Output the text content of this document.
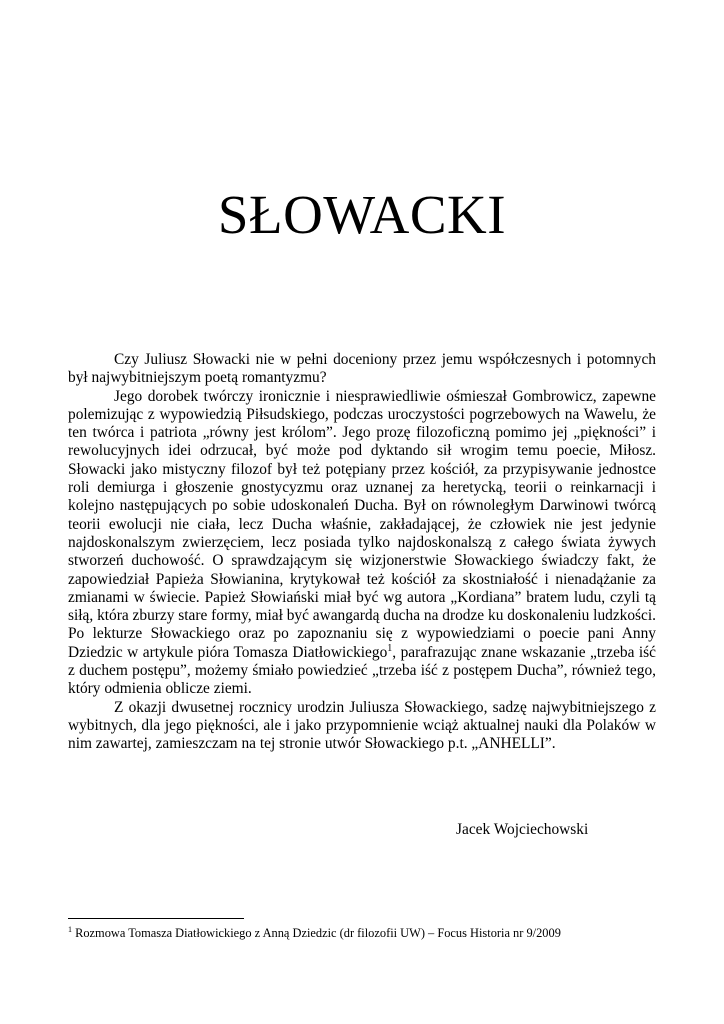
SŁOWACKI

Czy Juliusz Słowacki nie w pełni doceniony przez jemu współczesnych i potomnych był najwybitniejszym poetą romantyzmu?

Jego dorobek twórczy ironicznie i niesprawiedliwie ośmieszał Gombrowicz, zapewne polemizując z wypowiedzią Piłsudskiego, podczas uroczystości pogrzebowych na Wawelu, że ten twórca i patriota „równy jest królom”. Jego prozę filozoficzną pomimo jej „piękności” i rewolucyjnych idei odrzucał, być może pod dyktando sił wrogim temu poecie, Miłosz. Słowacki jako mistyczny filozof był też potępiany przez kościół, za przypisywanie jednostce roli demiurga i głoszenie gnostycyzmu oraz uznanej za heretycką, teorii o reinkarnacji i kolejno następujących po sobie udoskonaleń Ducha. Był on równoległym Darwinowi twórcą teorii ewolucji nie ciała, lecz Ducha właśnie, zakładającej, że człowiek nie jest jedynie najdoskonalszym zwierzęciem, lecz posiada tylko najdoskonalszą z całego świata żywych stworzeń duchowość. O sprawdzającym się wizjonerstwie Słowackiego świadczy fakt, że zapowiedział Papieża Słowianina, krytykował też kościół za skostniałość i nienadążanie za zmianami w świecie. Papież Słowiański miał być wg autora „Kordiana” bratem ludu, czyli tą siłą, która zburzy stare formy, miał być awangardą ducha na drodze ku doskonaleniu ludzkości. Po lekturze Słowackiego oraz po zapoznaniu się z wypowiedziami o poecie pani Anny Dziedzic w artykule pióra Tomasza Diatłowickiego$^1$, parafrazując znane wskazanie „trzeba iść z duchem postępu”, możemy śmiało powiedzieć „trzeba iść z postępem Ducha”, również tego, który odmienia oblicze ziemi.

Z okazji dwusetnej rocznicy urodzin Juliusza Słowackiego, sadzę najwybitniejszego z wybitnych, dla jego piękności, ale i jako przypomnienie wciąż aktualnej nauki dla Polaków w nim zawartej, zamieszczam na tej stronie utwór Słowackiego p.t. „ANHELLI”.

Jacek Wojciechowski
$^1$ Rozmowa Tomasza Diatłowickiego z Anną Dziedzic (dr filozofii UW) – Focus Historia nr 9/2009
